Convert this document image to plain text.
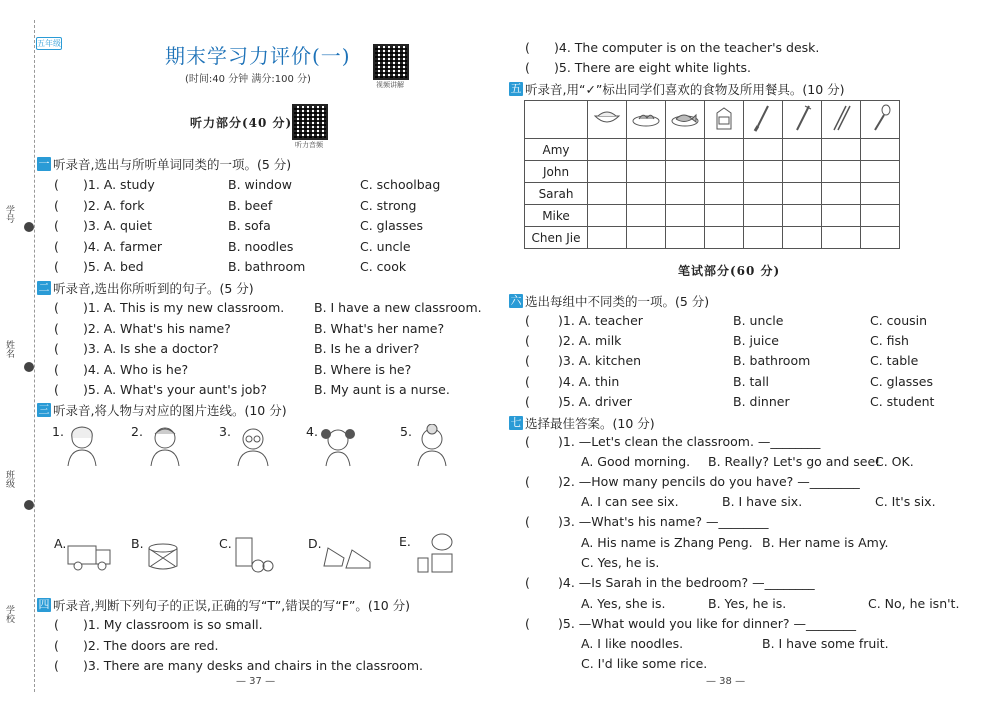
学号
姓名
班级
学校
五年级
期末学习力评价(一)
(时间:40 分钟 满分:100 分)	视频讲解
听力部分(40 分)
听力音频
一 听录音,选出与所听单词同类的一项。(5 分)
( )1. A. study	B. window	C. schoolbag
( )2. A. fork	B. beef	C. strong
( )3. A. quiet	B. sofa	C. glasses
( )4. A. farmer	B. noodles	C. uncle
( )5. A. bed	B. bathroom	C. cook
二 听录音,选出你所听到的句子。(5 分)
( )1. A. This is my new classroom. B. I have a new classroom.
( )2. A. What's his name?	B. What's her name?
( )3. A. Is she a doctor?	B. Is he a driver?
( )4. A. Who is he?	B. Where is he?
( )5. A. What's your aunt's job?	B. My aunt is a nurse.
三 听录音,将人物与对应的图片连线。(10 分)
1.	2.	3.	4.	5.
A.	B.	C.	D.	E.
四 听录音,判断下列句子的正误,正确的写“T”,错误的写“F”。(10 分)
( )1. My classroom is so small.
( )2. The doors are red.
( )3. There are many desks and chairs in the classroom.
( )4. The computer is on the teacher's desk.
( )5. There are eight white lights.
— 37 —
五 听录音,用“✓”标出同学们喜欢的食物及所用餐具。(10 分)

Amy								
John								
Sarah								
Mike								
Chen Jie								
笔试部分(60 分)
六 选出每组中不同类的一项。(5 分)
( )1. A. teacher	B. uncle	C. cousin
( )2. A. milk	B. juice	C. fish
( )3. A. kitchen	B. bathroom	C. table
( )4. A. thin	B. tall	C. glasses
( )5. A. driver	B. dinner	C. student
七 选择最佳答案。(10 分)
( )1. —Let's clean the classroom. —________
A. Good morning. B. Really? Let's go and see!
C. OK.
( )2. —How many pencils do you have? —________
A. I can see six.	B. I have six.	C. It's six.
( )3. —What's his name? —________
A. His name is Zhang Peng. B. Her name is Amy.
C. Yes, he is.
( )4. —Is Sarah in the bedroom? —________
A. Yes, she is.	B. Yes, he is.	C. No, he isn't.
( )5. —What would you like for dinner? —________
A. I like noodles.	B. I have some fruit.
C. I'd like some rice.
— 38 —
